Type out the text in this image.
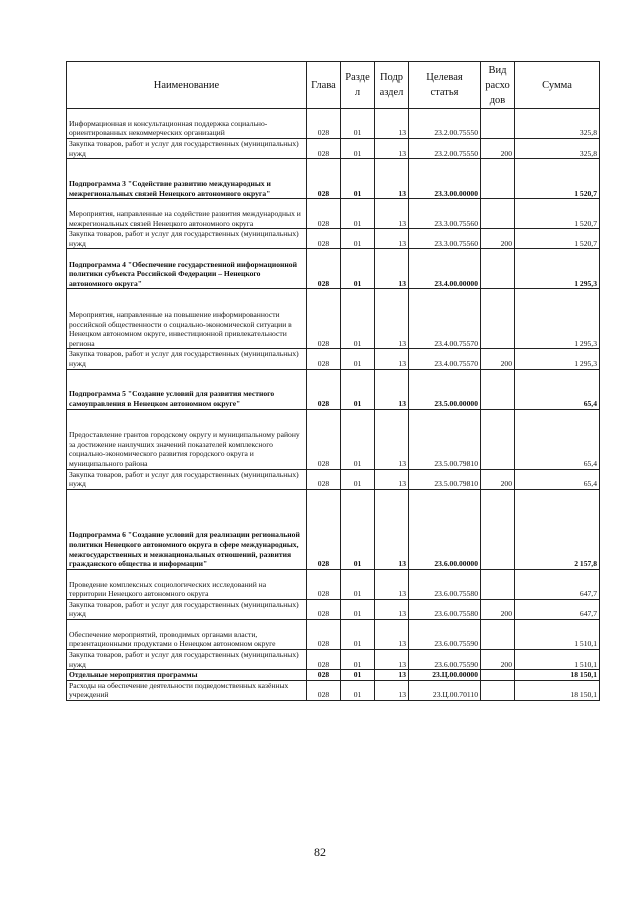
Наименование	Глава	Разде л	Подр аздел	Целевая статья	Вид расхо дов	Сумма
Информационная и консультационная поддержка социально-ориентированных некоммерческих организаций	028	01	13	23.2.00.75550		325,8
Закупка товаров, работ и услуг для государственных (муниципальных) нужд	028	01	13	23.2.00.75550	200	325,8
Подпрограмма 3 "Содействие развитию международных и межрегиональных связей Ненецкого автономного округа"	028	01	13	23.3.00.00000		1 520,7
Мероприятия, направленные на содействие развития международных и межрегиональных связей Ненецкого автономного округа	028	01	13	23.3.00.75560		1 520,7
Закупка товаров, работ и услуг для государственных (муниципальных) нужд	028	01	13	23.3.00.75560	200	1 520,7
Подпрограмма 4 "Обеспечение государственной информационной политики субъекта Российской Федерации – Ненецкого автономного округа"	028	01	13	23.4.00.00000		1 295,3
Мероприятия, направленные на повышение информированности российской общественности о социально-экономической ситуации в Ненецком автономном округе, инвестиционной привлекательности региона	028	01	13	23.4.00.75570		1 295,3
Закупка товаров, работ и услуг для государственных (муниципальных) нужд	028	01	13	23.4.00.75570	200	1 295,3
Подпрограмма 5 "Создание условий для развития местного самоуправления в Ненецком автономном округе"	028	01	13	23.5.00.00000		65,4
Предоставление грантов городскому округу и муниципальному району за достижение наилучших значений показателей комплексного социально-экономического развития городского округа и муниципального района	028	01	13	23.5.00.79810		65,4
Закупка товаров, работ и услуг для государственных (муниципальных) нужд	028	01	13	23.5.00.79810	200	65,4
Подпрограмма 6 "Создание условий для реализации региональной политики Ненецкого автономного округа в сфере международных, межгосударственных и межнациональных отношений, развития гражданского общества и информации"	028	01	13	23.6.00.00000		2 157,8
Проведение комплексных социологических исследований на территории Ненецкого автономного округа	028	01	13	23.6.00.75580		647,7
Закупка товаров, работ и услуг для государственных (муниципальных) нужд	028	01	13	23.6.00.75580	200	647,7
Обеспечение мероприятий, проводимых органами власти, презентационными продуктами о Ненецком автономном округе	028	01	13	23.6.00.75590		1 510,1
Закупка товаров, работ и услуг для государственных (муниципальных) нужд	028	01	13	23.6.00.75590	200	1 510,1
Отдельные мероприятия программы	028	01	13	23.Ц.00.00000		18 150,1
Расходы на обеспечение деятельности подведомственных казённых учреждений	028	01	13	23.Ц.00.70110		18 150,1
82
